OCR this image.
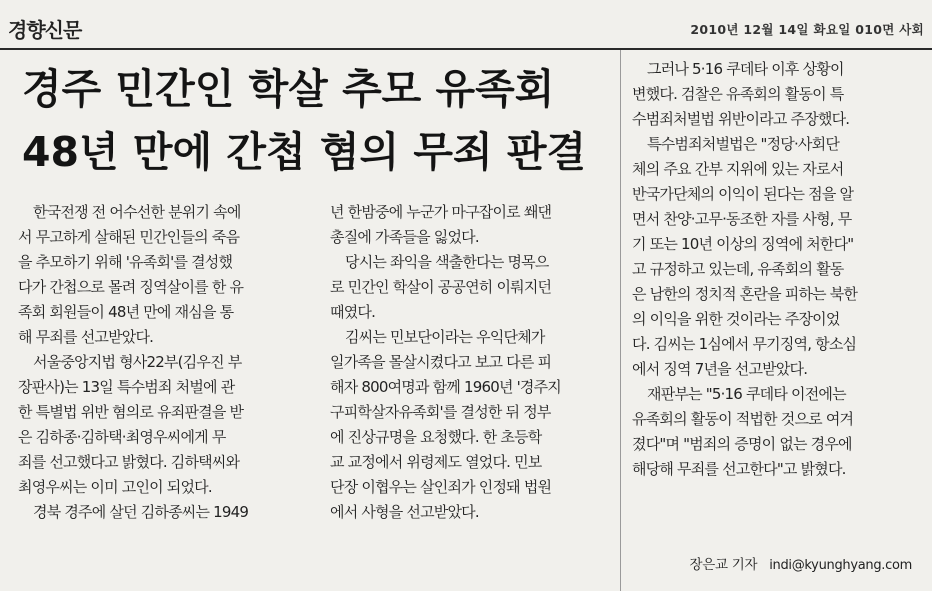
경향신문	2010년 12월 14일 화요일 010면 사회
경주 민간인 학살 추모 유족회
48년 만에 간첩 혐의 무죄 판결

한국전쟁 전 어수선한 분위기 속에

서 무고하게 살해된 민간인들의 죽음

을 추모하기 위해 '유족회'를 결성했

다가 간첩으로 몰려 징역살이를 한 유

족회 회원들이 48년 만에 재심을 통

해 무죄를 선고받았다.

서울중앙지법 형사22부(김우진 부

장판사)는 13일 특수범죄 처벌에 관

한 특별법 위반 혐의로 유죄판결을 받

은 김하종·김하택·최영우씨에게 무

죄를 선고했다고 밝혔다. 김하택씨와

최영우씨는 이미 고인이 되었다.

경북 경주에 살던 김하종씨는 1949

년 한밤중에 누군가 마구잡이로 쐐댄

총질에 가족들을 잃었다.

당시는 좌익을 색출한다는 명목으

로 민간인 학살이 공공연히 이뤄지던

때였다.

김씨는 민보단이라는 우익단체가

일가족을 몰살시켰다고 보고 다른 피

해자 800여명과 함께 1960년 '경주지

구피학살자유족회'를 결성한 뒤 정부

에 진상규명을 요청했다. 한 초등학

교 교정에서 위령제도 열었다. 민보

단장 이협우는 살인죄가 인정돼 법원

에서 사형을 선고받았다.

그러나 5·16 쿠데타 이후 상황이

변했다. 검찰은 유족회의 활동이 특

수범죄처벌법 위반이라고 주장했다.

특수범죄처벌법은 "정당·사회단

체의 주요 간부 지위에 있는 자로서

반국가단체의 이익이 된다는 점을 알

면서 찬양·고무·동조한 자를 사형, 무

기 또는 10년 이상의 징역에 처한다"

고 규정하고 있는데, 유족회의 활동

은 남한의 정치적 혼란을 피하는 북한

의 이익을 위한 것이라는 주장이었

다. 김씨는 1심에서 무기징역, 항소심

에서 징역 7년을 선고받았다.

재판부는 "5·16 쿠데타 이전에는

유족회의 활동이 적법한 것으로 여겨

졌다"며 "범죄의 증명이 없는 경우에

해당해 무죄를 선고한다"고 밝혔다.

장은교 기자 indi@kyunghyang.com
